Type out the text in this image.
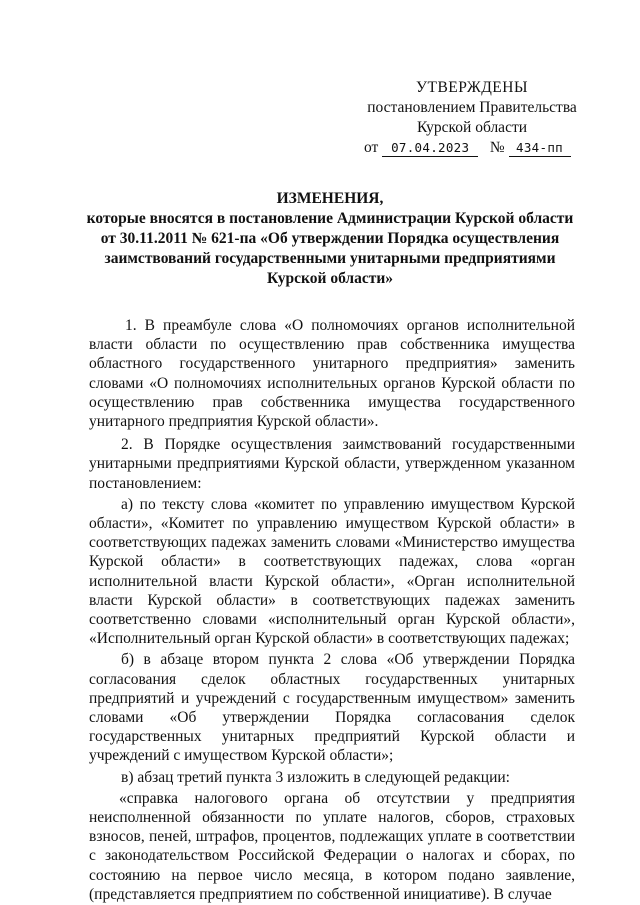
УТВЕРЖДЕНЫ
постановлением Правительства
Курской области
от 07.04.2023 № 434-пп
ИЗМЕНЕНИЯ,
которые вносятся в постановление Администрации Курской области
от 30.11.2011 № 621-па «Об утверждении Порядка осуществления
заимствований государственными унитарными предприятиями
Курской области»

1. В преамбуле слова «О полномочиях органов исполнительной власти области по осуществлению прав собственника имущества областного государственного унитарного предприятия» заменить словами «О полномочиях исполнительных органов Курской области по осуществлению прав собственника имущества государственного унитарного предприятия Курской области».

2. В Порядке осуществления заимствований государственными унитарными предприятиями Курской области, утвержденном указанном постановлением:

а) по тексту слова «комитет по управлению имуществом Курской области», «Комитет по управлению имуществом Курской области» в соответствующих падежах заменить словами «Министерство имущества Курской области» в соответствующих падежах, слова «орган исполнительной власти Курской области», «Орган исполнительной власти Курской области» в соответствующих падежах заменить соответственно словами «исполнительный орган Курской области», «Исполнительный орган Курской области» в соответствующих падежах;

б) в абзаце втором пункта 2 слова «Об утверждении Порядка согласования сделок областных государственных унитарных предприятий и учреждений с государственным имуществом» заменить словами «Об утверждении Порядка согласования сделок государственных унитарных предприятий Курской области и учреждений с имуществом Курской области»;

в) абзац третий пункта 3 изложить в следующей редакции:

«справка налогового органа об отсутствии у предприятия неисполненной обязанности по уплате налогов, сборов, страховых взносов, пеней, штрафов, процентов, подлежащих уплате в соответствии с законодательством Российской Федерации о налогах и сборах, по состоянию на первое число месяца, в котором подано заявление, (представляется предприятием по собственной инициативе). В случае
